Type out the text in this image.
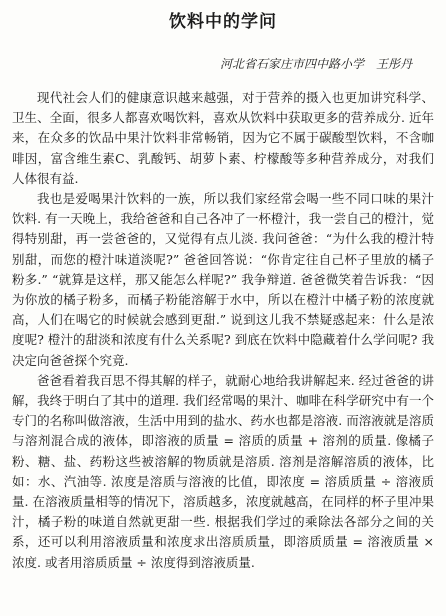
饮料中的学问
河北省石家庄市四中路小学　王彤丹

现代社会人们的健康意识越来越强，对于营养的摄入也更加讲究科学、卫生、全面，很多人都喜欢喝饮料，喜欢从饮料中获取更多的营养成分. 近年来，在众多的饮品中果汁饮料非常畅销，因为它不属于碳酸型饮料，不含咖啡因，富含维生素C、乳酸钙、胡萝卜素、柠檬酸等多种营养成分，对我们人体很有益.

我也是爱喝果汁饮料的一族，所以我们家经常会喝一些不同口味的果汁饮料. 有一天晚上，我给爸爸和自己各冲了一杯橙汁，我一尝自己的橙汁，觉得特别甜，再一尝爸爸的，又觉得有点儿淡. 我问爸爸：“为什么我的橙汁特别甜，而您的橙汁味道淡呢?” 爸爸回答说：“你肯定往自己杯子里放的橘子粉多.” “就算是这样，那又能怎么样呢?” 我争辩道. 爸爸微笑着告诉我：“因为你放的橘子粉多，而橘子粉能溶解于水中，所以在橙汁中橘子粉的浓度就高，人们在喝它的时候就会感到更甜.” 说到这儿我不禁疑惑起来：什么是浓度呢? 橙汁的甜淡和浓度有什么关系呢? 到底在饮料中隐藏着什么学问呢? 我决定向爸爸探个究竟.

爸爸看着我百思不得其解的样子，就耐心地给我讲解起来. 经过爸爸的讲解，我终于明白了其中的道理. 我们经常喝的果汁、咖啡在科学研究中有一个专门的名称叫做溶液，生活中用到的盐水、药水也都是溶液. 而溶液就是溶质与溶剂混合成的液体，即溶液的质量 = 溶质的质量 + 溶剂的质量. 像橘子粉、糖、盐、药粉这些被溶解的物质就是溶质. 溶剂是溶解溶质的液体，比如：水、汽油等. 浓度是溶质与溶液的比值，即浓度 = 溶质质量 ÷ 溶液质量. 在溶液质量相等的情况下，溶质越多，浓度就越高，在同样的杯子里冲果汁，橘子粉的味道自然就更甜一些. 根据我们学过的乘除法各部分之间的关系，还可以利用溶液质量和浓度求出溶质质量，即溶质质量 = 溶液质量 × 浓度. 或者用溶质质量 ÷ 浓度得到溶液质量.
